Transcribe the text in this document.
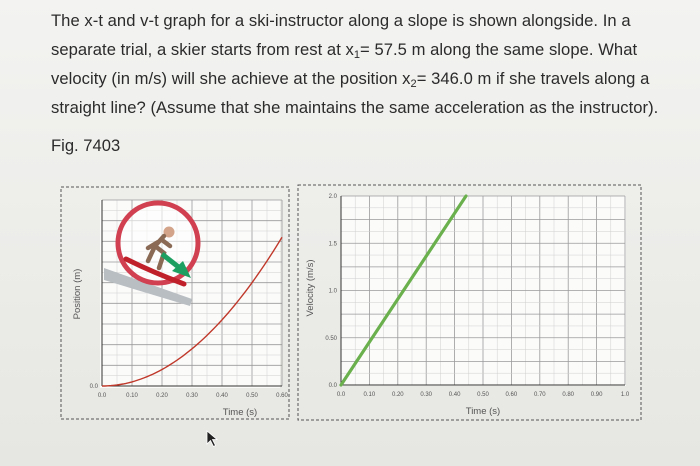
The x-t and v-t graph for a ski-instructor along a slope is shown alongside. In a
separate trial, a skier starts from rest at $x_1= 57.5$ m along the same slope. What
velocity (in m/s) will she achieve at the position $x_2= 346.0$ m if she travels along a
straight line? (Assume that she maintains the same acceleration as the instructor).
Fig. 7403
0.0	0.10	0.20	0.30	0.40	0.50	0.60
0.0
Position (m)
Time (s)
0.0	0.10	0.20	0.30	0.40	0.50	0.60	0.70	0.80	0.90	1.0
0.0
0.50
1.0
1.5
2.0
Velocity (m/s)
Time (s)
